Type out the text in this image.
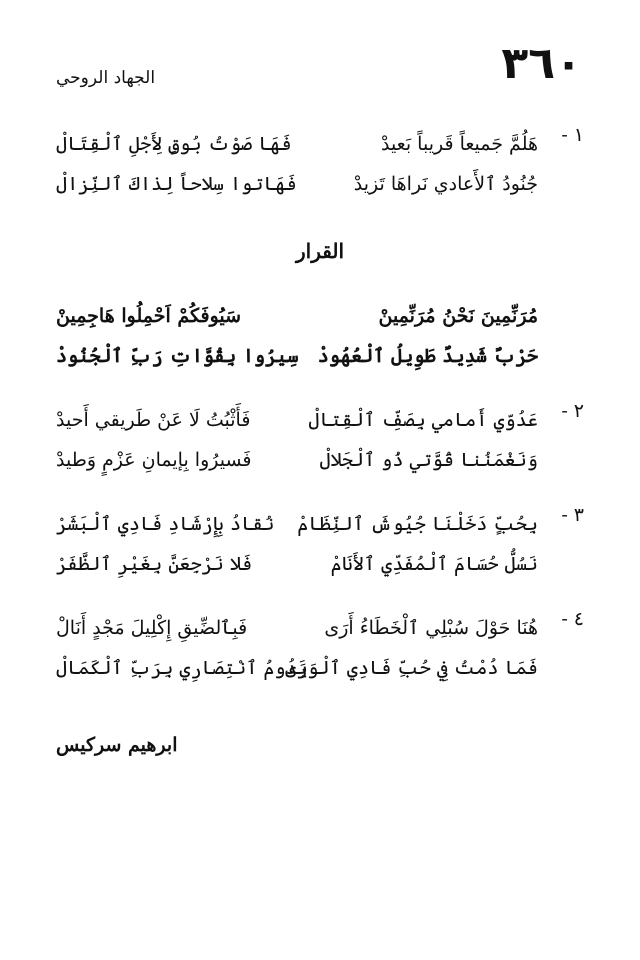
٣٦٠
الجهاد الروحي
١ -
هَلُمَّ جَميعاً قَريباً بَعيدْ
فَهَا صَوْتُ بُوقٍ لِأَجْلِ ٱلْقِتَالْ
جُنُودُ ٱلأَعادي نَراهَا تَزيدْ
فَهَاتوا سِلاحاً لِذاكَ ٱلنِّزالْ
القرار
مُرَنِّمِينَ نَحْنُ مُرَنِّمِينْ
سَيُوفَكُمْ اَحْمِلُوا هَاجِمِينْ
حَرْبٌ شَدِيدٌ طَوِيلُ ٱلْعُهُودْ
سِيرُوا بِقُوَّاتِ رَبِّ ٱلْجُنُودْ
٢ -
عَدُوّي أَمامي بِصَفِّ ٱلْقِتالْ
فَأَثْبُتُ لَا عَنْ طَريقي أَحيدْ
وَنَغْمَنُنا قُوَّتي ذُو ٱلْجَلالْ
فَسيرُوا بِإيمانِ عَزْمٍ وَطيدْ
٣ -
بِحُبٍّ دَخَلْنَا جُيُوشَ ٱلنِّظَامْ
نُقادُ بِإِرْشَادِ فَادِي ٱلْبَشَرْ
نَسُلُّ حُسَامَ ٱلْمُفَدِّي ٱلأَنَامْ
فَلا نَرْجِعَنَّ بِغَيْرِ ٱلظَّفَرْ
٤ -
هُنَا حَوْلَ سُبْلِي ٱلْخَطَاءُ أَرَى
فَبِٱلضِّيقِ إِكْلِيلَ مَجْدٍ أَنَالْ
فَمَا دُمْتُ فِي حُبِّ فَادِي ٱلْوَرَى
يَدُومُ ٱنْتِصَارِي بِرَبِّ ٱلْكَمَالْ
ابرهيم سركيس
